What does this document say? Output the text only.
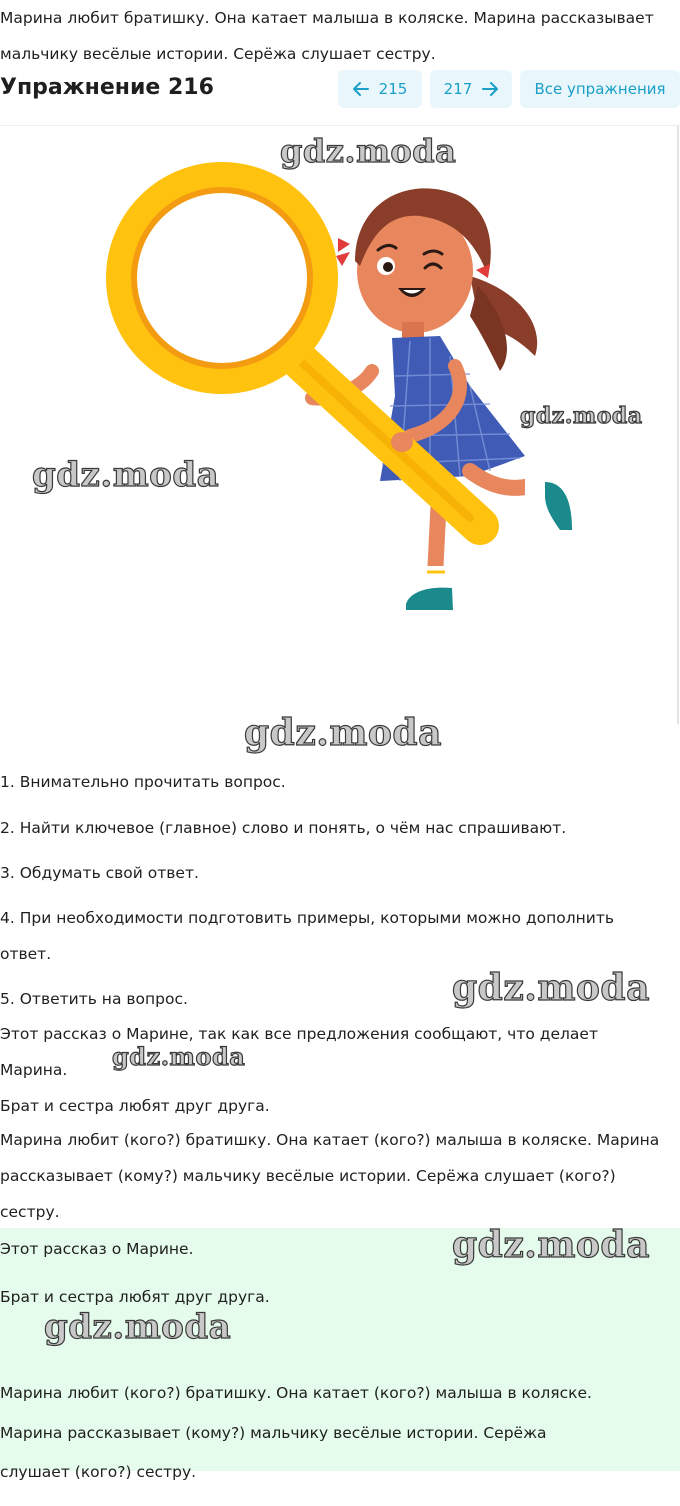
Марина любит братишку. Она катает малыша в коляске. Марина рассказывает
мальчику весёлые истории. Серёжа слушает сестру.
Упражнение 216	215 217	Все упражнения
gdz.moda
gdz.moda
gdz.moda
gdz.moda
1. Внимательно прочитать вопрос.
2. Найти ключевое (главное) слово и понять, о чём нас спрашивают.
3. Обдумать свой ответ.
4. При необходимости подготовить примеры, которыми можно дополнить
ответ.
5. Ответить на вопрос.	gdz.moda
Этот рассказ о Марине, так как все предложения сообщают, что делает
Марина. gdz.moda
Брат и сестра любят друг друга.
Марина любит (кого?) братишку. Она катает (кого?) малыша в коляске. Марина
рассказывает (кому?) мальчику весёлые истории. Серёжа слушает (кого?)
сестру.
Этот рассказ о Марине.	gdz.moda
Брат и сестра любят друг друга.
gdz.moda
Марина любит (кого?) братишку. Она катает (кого?) малыша в коляске.
Марина рассказывает (кому?) мальчику весёлые истории. Серёжа
слушает (кого?) сестру.
